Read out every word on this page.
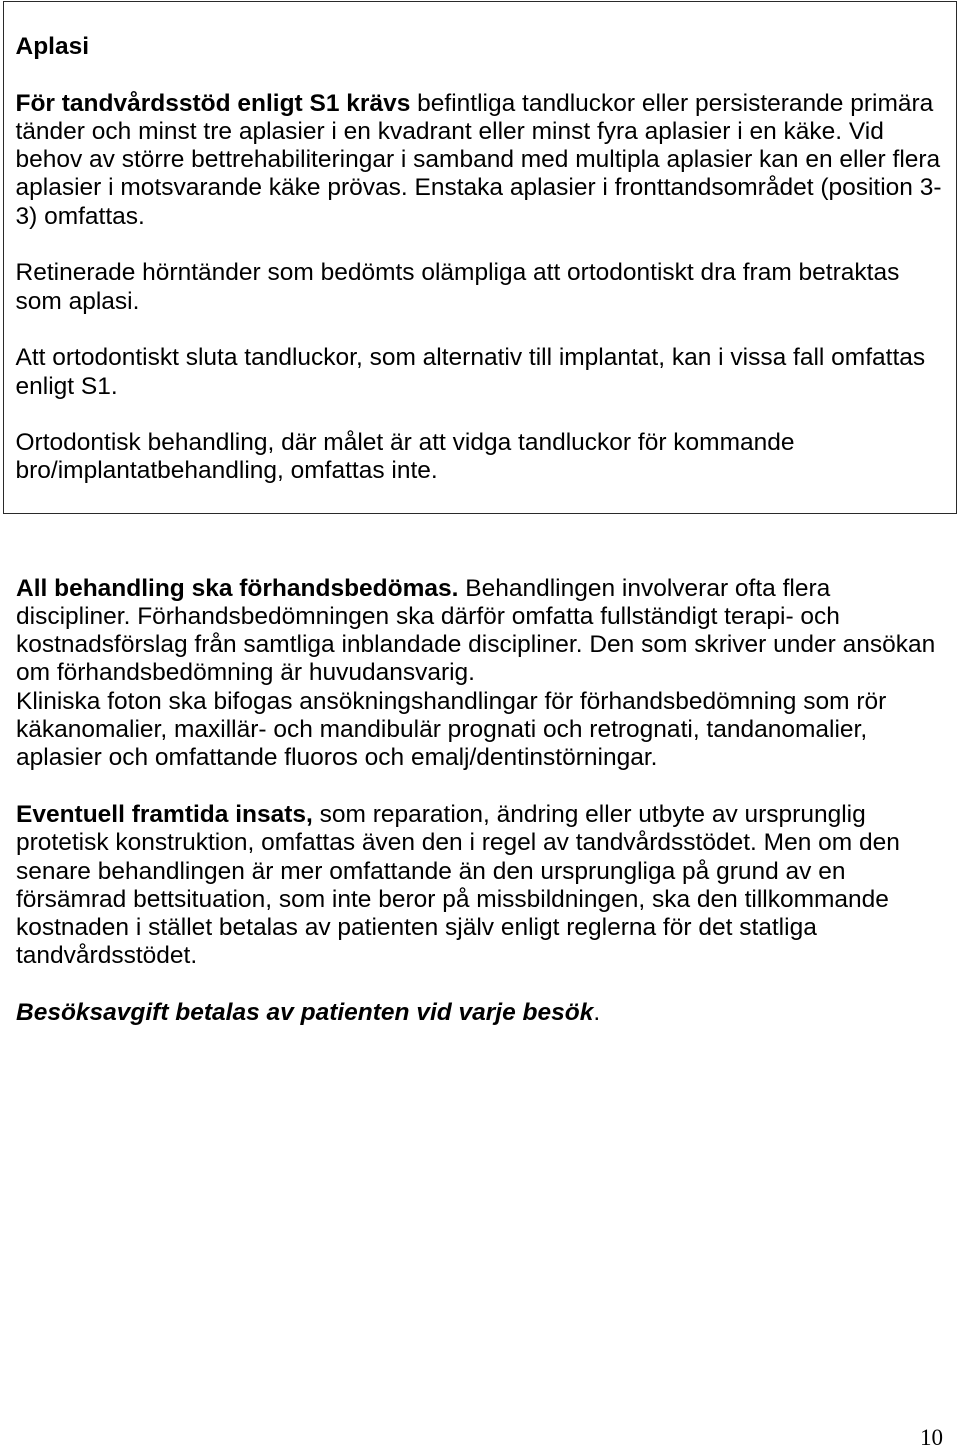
Aplasi
För tandvårdsstöd enligt S1 krävs befintliga tandluckor eller persisterande primära
tänder och minst tre aplasier i en kvadrant eller minst fyra aplasier i en käke. Vid
behov av större bettrehabiliteringar i samband med multipla aplasier kan en eller flera
aplasier i motsvarande käke prövas. Enstaka aplasier i fronttandsområdet (position 3-
3) omfattas.
Retinerade hörntänder som bedömts olämpliga att ortodontiskt dra fram betraktas
som aplasi.
Att ortodontiskt sluta tandluckor, som alternativ till implantat, kan i vissa fall omfattas
enligt S1.
Ortodontisk behandling, där målet är att vidga tandluckor för kommande
bro/implantatbehandling, omfattas inte.
All behandling ska förhandsbedömas. Behandlingen involverar ofta flera
discipliner. Förhandsbedömningen ska därför omfatta fullständigt terapi- och
kostnadsförslag från samtliga inblandade discipliner. Den som skriver under ansökan
om förhandsbedömning är huvudansvarig.
Kliniska foton ska bifogas ansökningshandlingar för förhandsbedömning som rör
käkanomalier, maxillär- och mandibulär prognati och retrognati, tandanomalier,
aplasier och omfattande fluoros och emalj/dentinstörningar.
Eventuell framtida insats, som reparation, ändring eller utbyte av ursprunglig
protetisk konstruktion, omfattas även den i regel av tandvårdsstödet. Men om den
senare behandlingen är mer omfattande än den ursprungliga på grund av en
försämrad bettsituation, som inte beror på missbildningen, ska den tillkommande
kostnaden i stället betalas av patienten själv enligt reglerna för det statliga
tandvårdsstödet.
Besöksavgift betalas av patienten vid varje besök.
10
